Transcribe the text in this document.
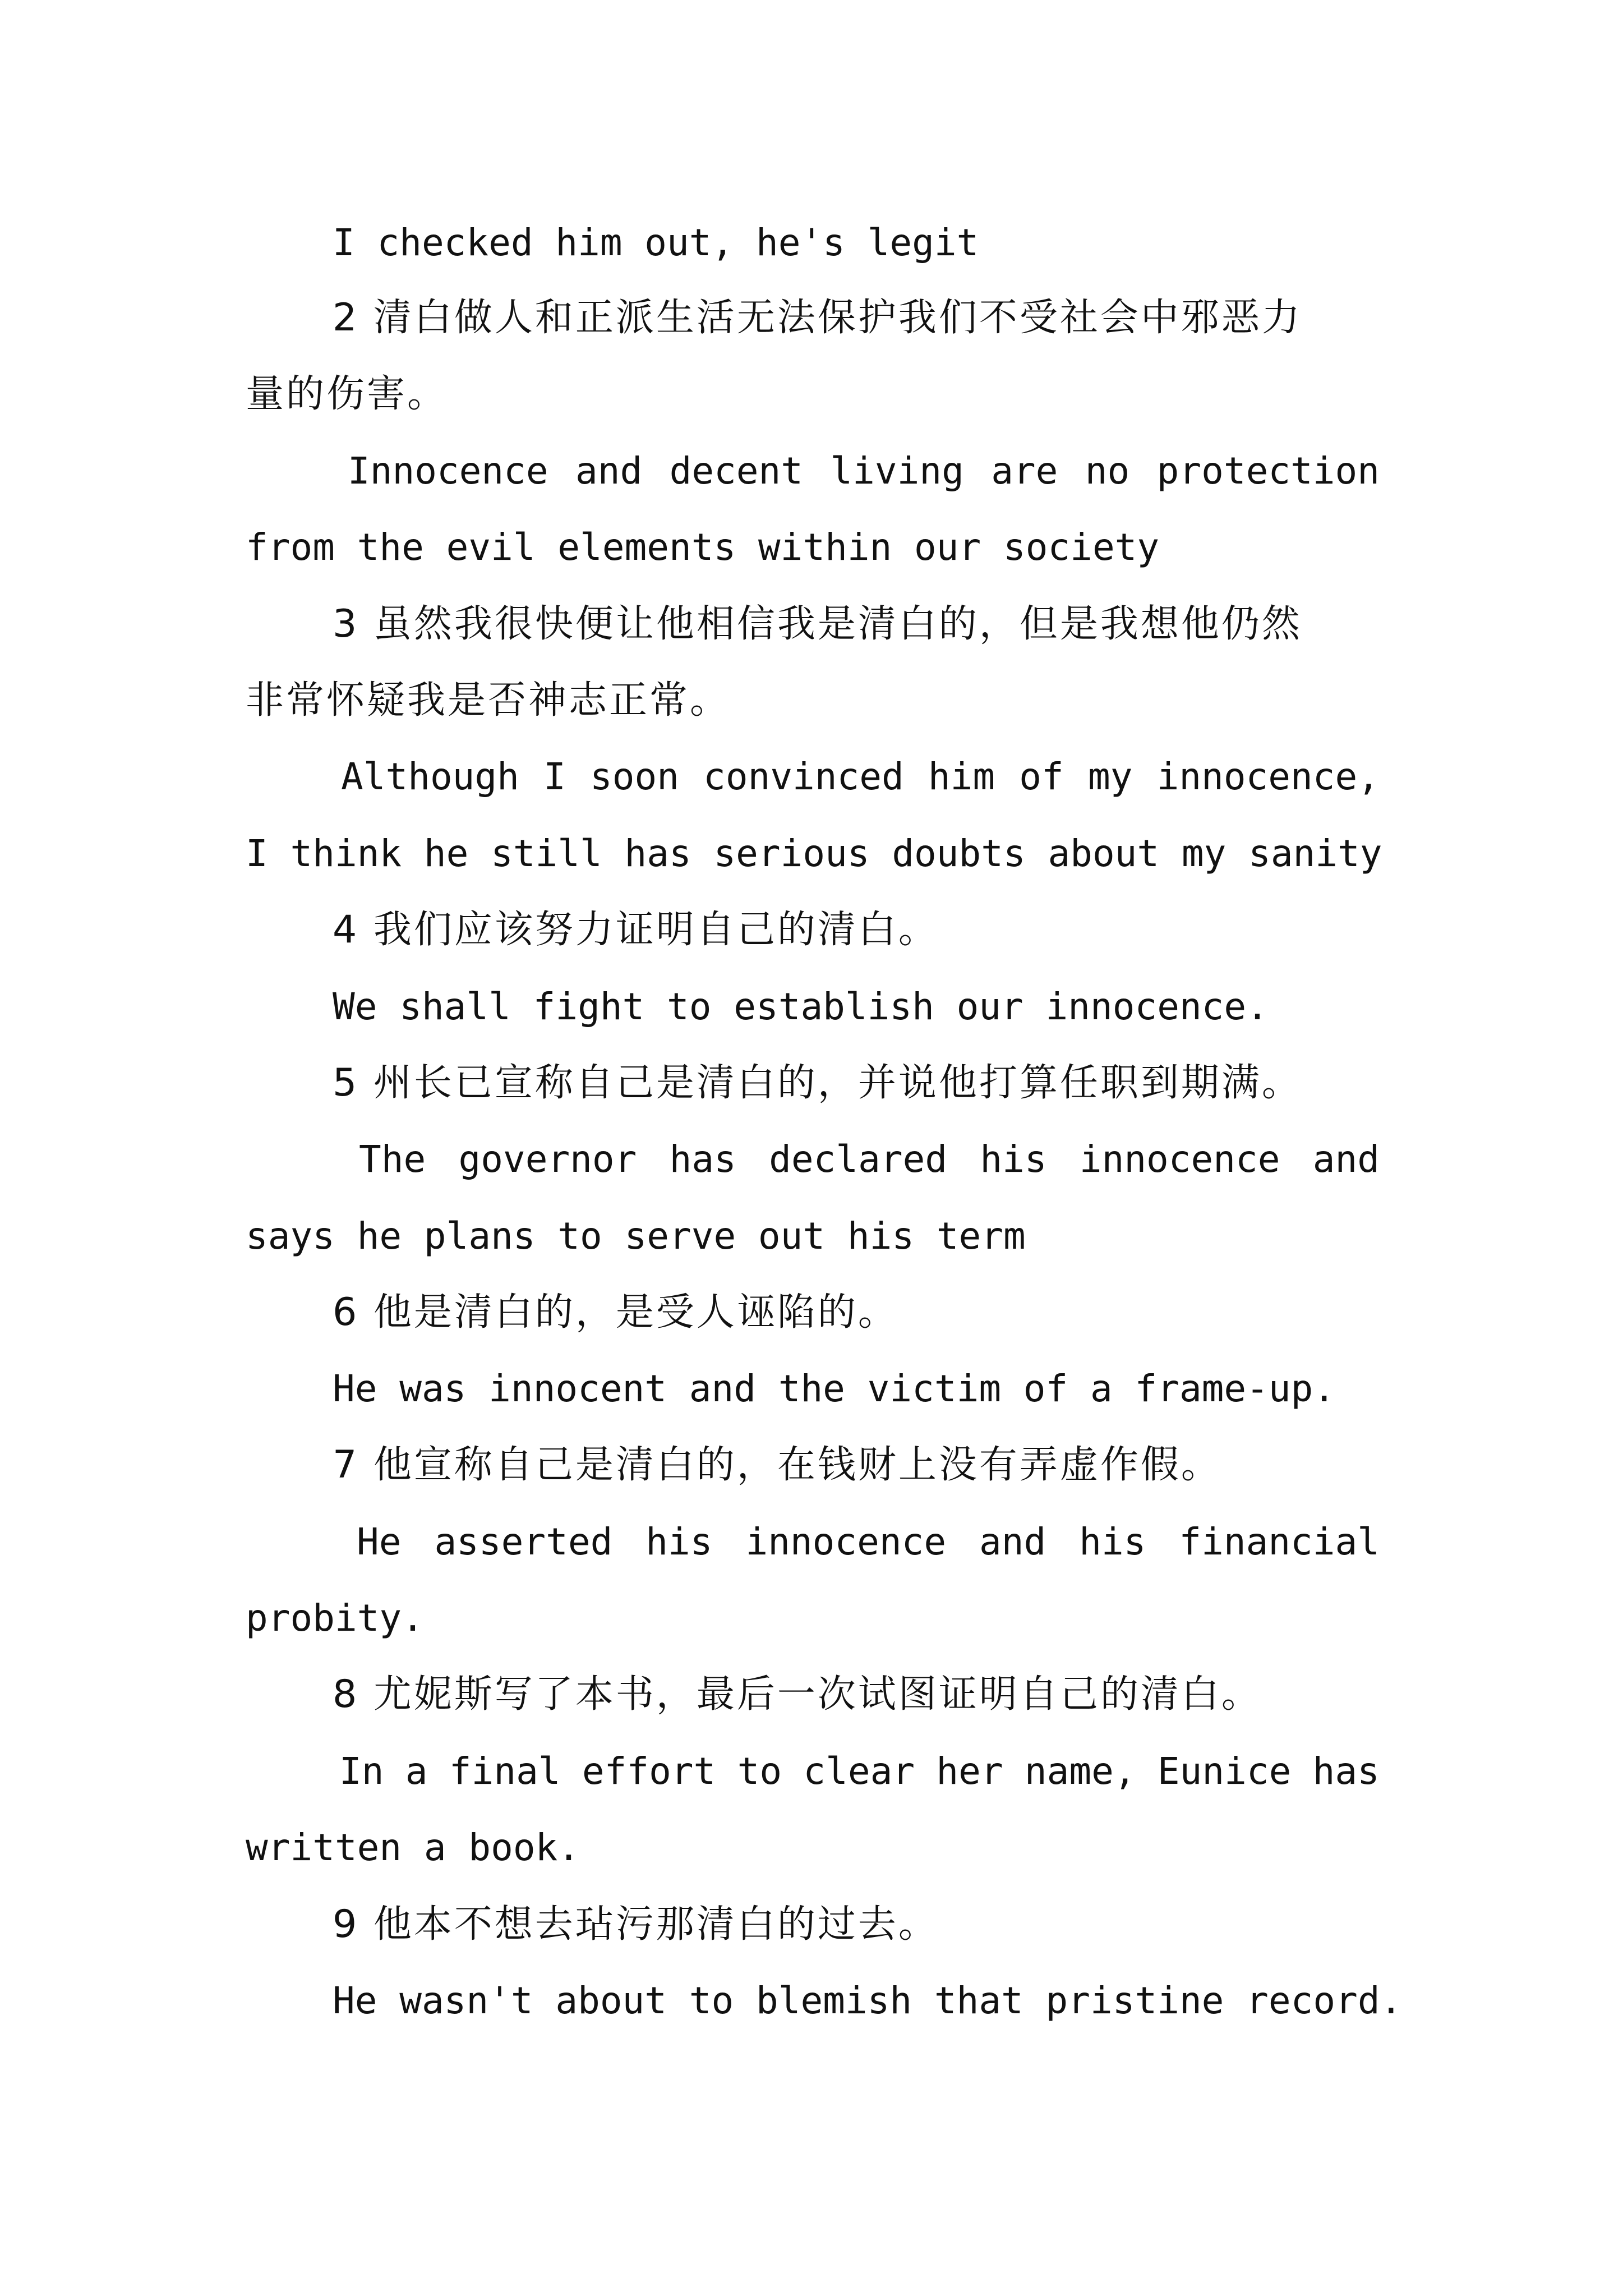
I checked him out, he's legit
2 清白做人和正派生活无法保护我们不受社会中邪恶力
量的伤害。
Innocence and decent living are no protection
from the evil elements within our society
3 虽然我很快便让他相信我是清白的，但是我想他仍然
非常怀疑我是否神志正常。
Although I soon convinced him of my innocence,
I think he still has serious doubts about my sanity
4 我们应该努力证明自己的清白。
We shall fight to establish our innocence.
5 州长已宣称自己是清白的，并说他打算任职到期满。
The governor has declared his innocence and
says he plans to serve out his term
6 他是清白的，是受人诬陷的。
He was innocent and the victim of a frame-up.
7 他宣称自己是清白的，在钱财上没有弄虚作假。
He asserted his innocence and his financial
probity.
8 尤妮斯写了本书，最后一次试图证明自己的清白。
In a final effort to clear her name, Eunice has
written a book.
9 他本不想去玷污那清白的过去。
He wasn't about to blemish that pristine record.
